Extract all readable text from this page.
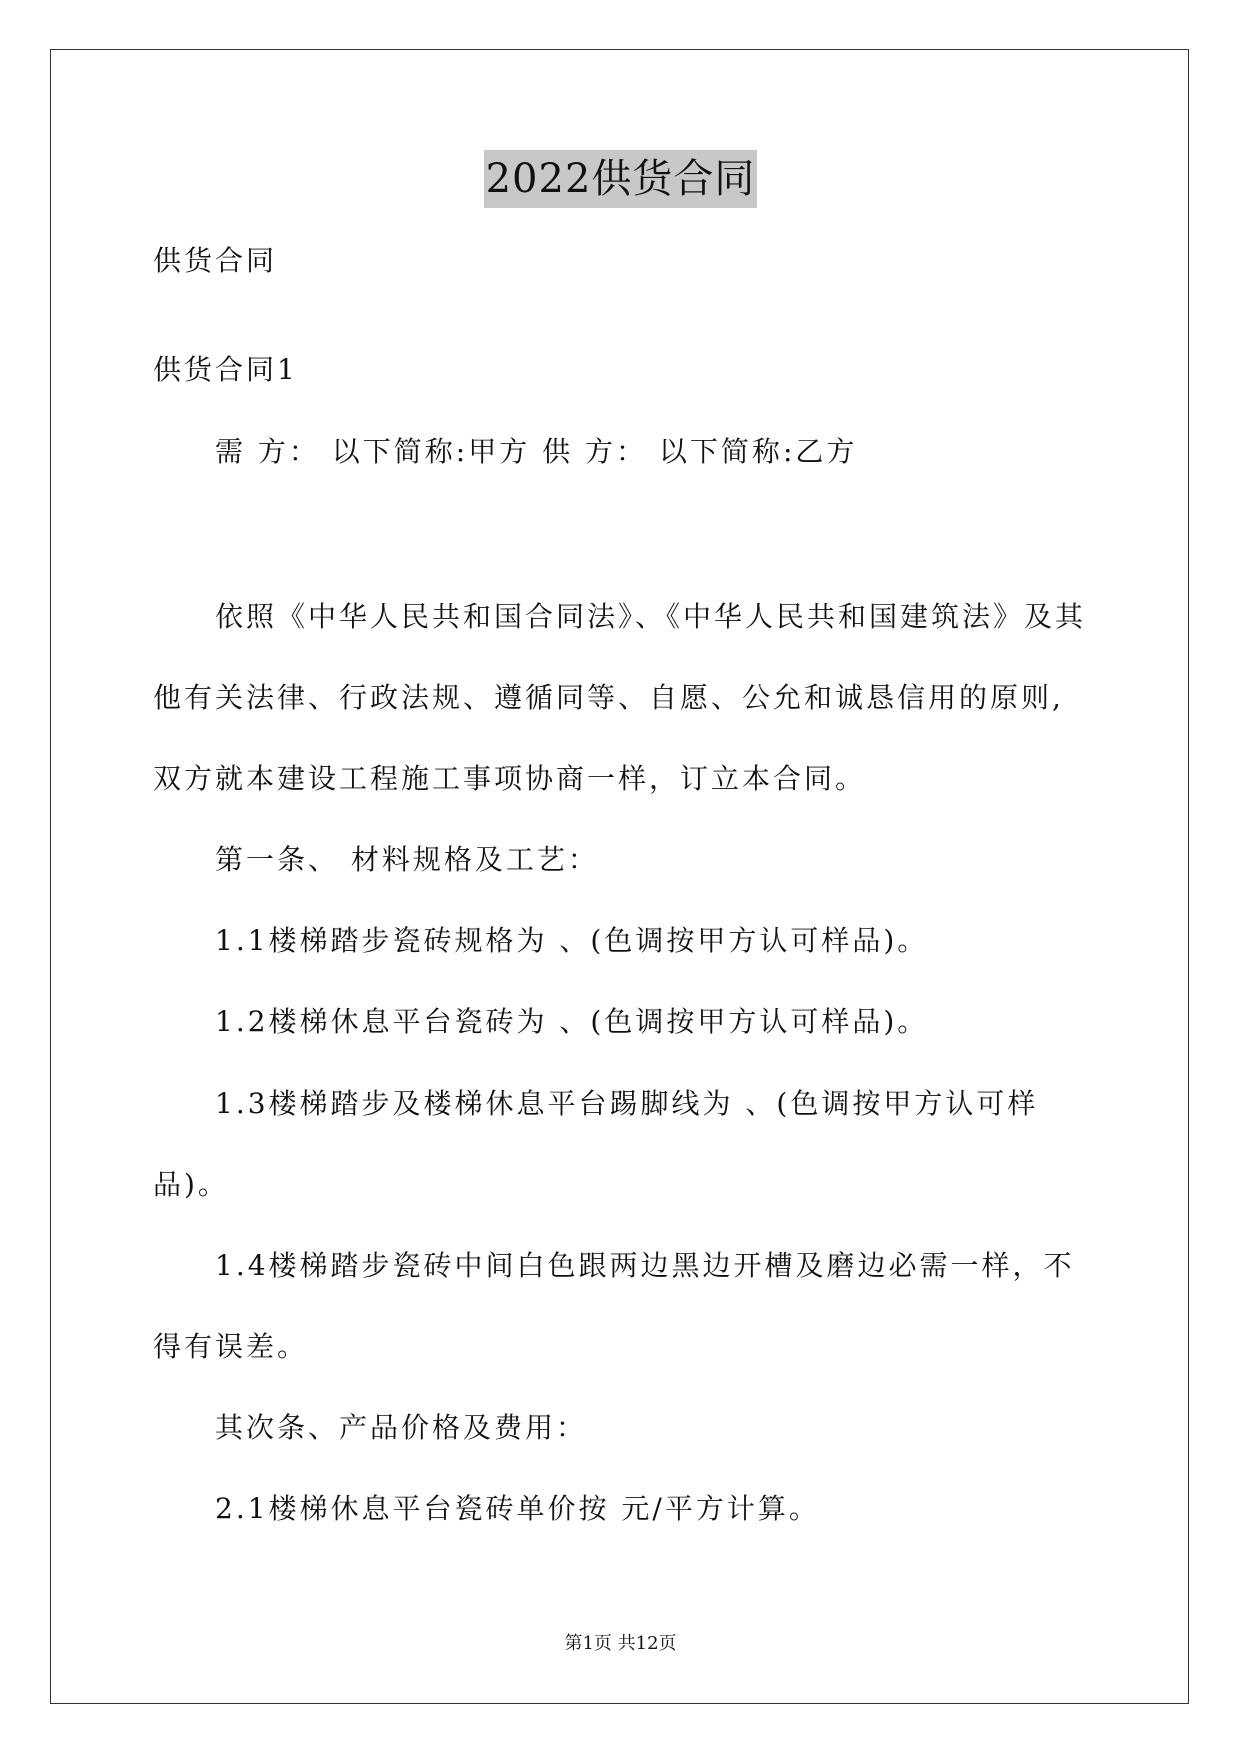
2022供货合同
供货合同
供货合同1
需 方： 以下简称:甲方 供 方： 以下简称:乙方
依照《中华人民共和国合同法》、《中华人民共和国建筑法》及其
他有关法律、行政法规、遵循同等、自愿、公允和诚恳信用的原则,
双方就本建设工程施工事项协商一样，订立本合同。
第一条、 材料规格及工艺：
1.1楼梯踏步瓷砖规格为 、(色调按甲方认可样品)。
1.2楼梯休息平台瓷砖为 、(色调按甲方认可样品)。
1.3楼梯踏步及楼梯休息平台踢脚线为 、(色调按甲方认可样
品)。
1.4楼梯踏步瓷砖中间白色跟两边黑边开槽及磨边必需一样，不
得有误差。
其次条、产品价格及费用：
2.1楼梯休息平台瓷砖单价按 元/平方计算。
第1页 共12页
